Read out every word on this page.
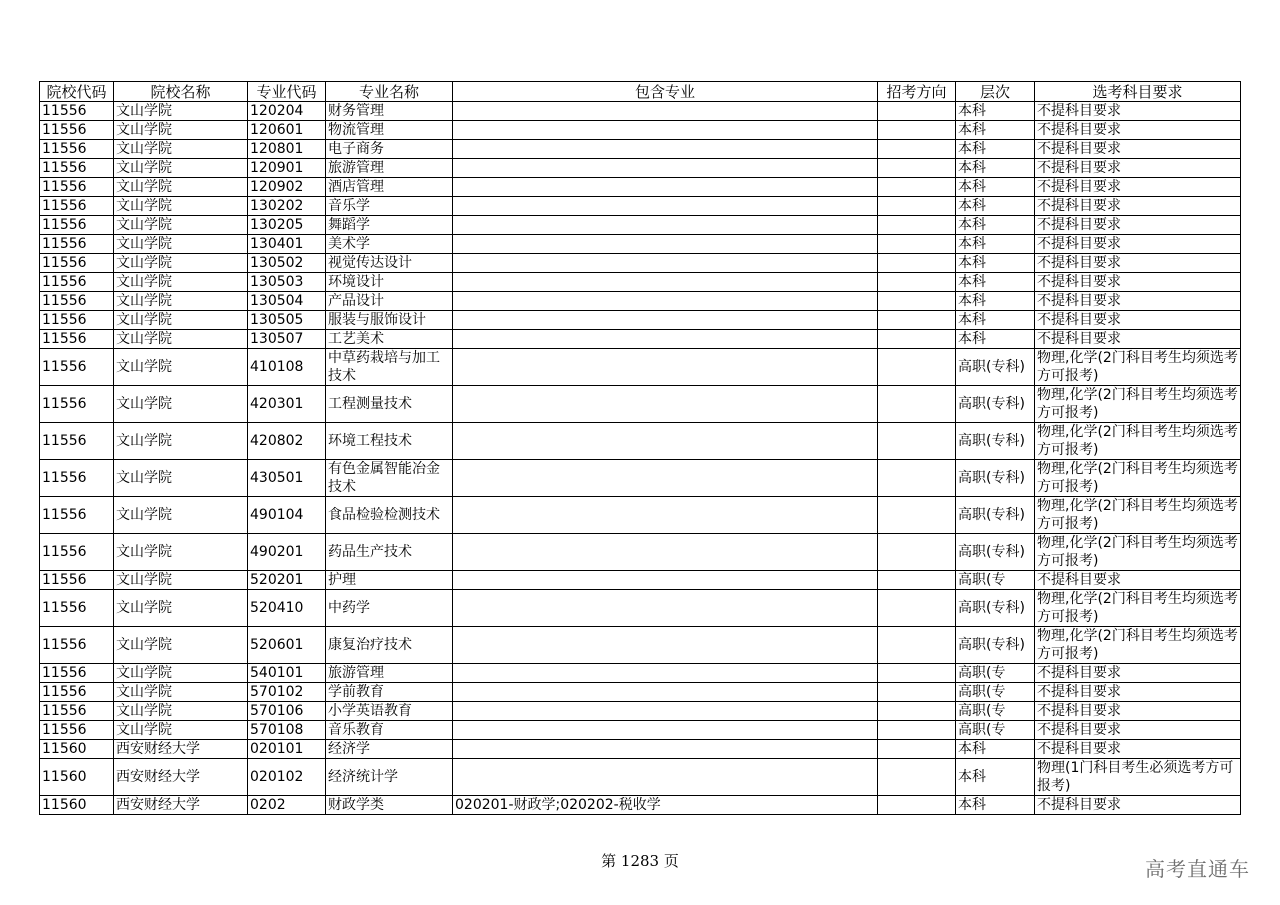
院校代码	院校名称	专业代码	专业名称	包含专业	招考方向	层次	选考科目要求
11556	文山学院	120204	财务管理			本科	不提科目要求
11556	文山学院	120601	物流管理			本科	不提科目要求
11556	文山学院	120801	电子商务			本科	不提科目要求
11556	文山学院	120901	旅游管理			本科	不提科目要求
11556	文山学院	120902	酒店管理			本科	不提科目要求
11556	文山学院	130202	音乐学			本科	不提科目要求
11556	文山学院	130205	舞蹈学			本科	不提科目要求
11556	文山学院	130401	美术学			本科	不提科目要求
11556	文山学院	130502	视觉传达设计			本科	不提科目要求
11556	文山学院	130503	环境设计			本科	不提科目要求
11556	文山学院	130504	产品设计			本科	不提科目要求
11556	文山学院	130505	服装与服饰设计			本科	不提科目要求
11556	文山学院	130507	工艺美术			本科	不提科目要求
11556	文山学院	410108	中草药栽培与加工技术			高职(专科)	物理,化学(2门科目考生均须选考方可报考)
11556	文山学院	420301	工程测量技术			高职(专科)	物理,化学(2门科目考生均须选考方可报考)
11556	文山学院	420802	环境工程技术			高职(专科)	物理,化学(2门科目考生均须选考方可报考)
11556	文山学院	430501	有色金属智能冶金技术			高职(专科)	物理,化学(2门科目考生均须选考方可报考)
11556	文山学院	490104	食品检验检测技术			高职(专科)	物理,化学(2门科目考生均须选考方可报考)
11556	文山学院	490201	药品生产技术			高职(专科)	物理,化学(2门科目考生均须选考方可报考)
11556	文山学院	520201	护理			高职(专	不提科目要求
11556	文山学院	520410	中药学			高职(专科)	物理,化学(2门科目考生均须选考方可报考)
11556	文山学院	520601	康复治疗技术			高职(专科)	物理,化学(2门科目考生均须选考方可报考)
11556	文山学院	540101	旅游管理			高职(专	不提科目要求
11556	文山学院	570102	学前教育			高职(专	不提科目要求
11556	文山学院	570106	小学英语教育			高职(专	不提科目要求
11556	文山学院	570108	音乐教育			高职(专	不提科目要求
11560	西安财经大学	020101	经济学			本科	不提科目要求
11560	西安财经大学	020102	经济统计学			本科	物理(1门科目考生必须选考方可报考)
11560	西安财经大学	0202	财政学类	020201-财政学;020202-税收学		本科	不提科目要求
第 1283 页	高考直通车
